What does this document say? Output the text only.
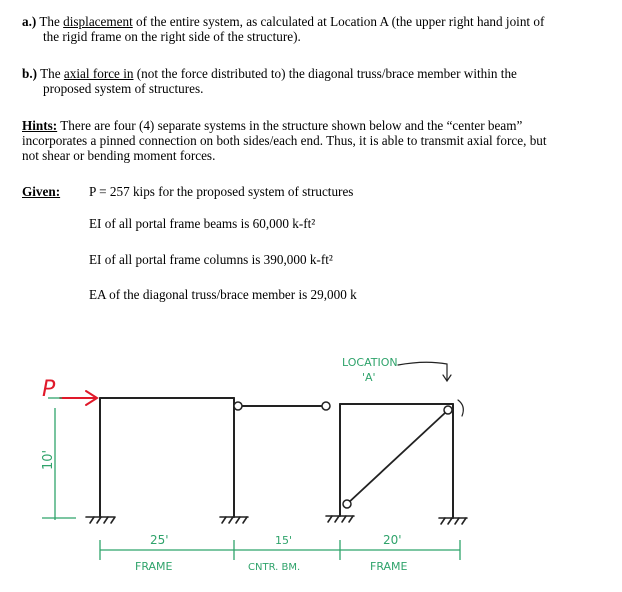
a.) The displacement of the entire system, as calculated at Location A (the upper right hand joint of
the rigid frame on the right side of the structure).
b.) The axial force in (not the force distributed to) the diagonal truss/brace member within the
proposed system of structures.
Hints: There are four (4) separate systems in the structure shown below and the “center beam”
incorporates a pinned connection on both sides/each end. Thus, it is able to transmit axial force, but
not shear or bending moment forces.
Given: P = 257 kips for the proposed system of structures
EI of all portal frame beams is 60,000 k-ft²
EI of all portal frame columns is 390,000 k-ft²
EA of the diagonal truss/brace member is 29,000 k
P
10'
LOCATION
'A'
25'
FRAME
15'
CNTR. BM.
20'
FRAME
